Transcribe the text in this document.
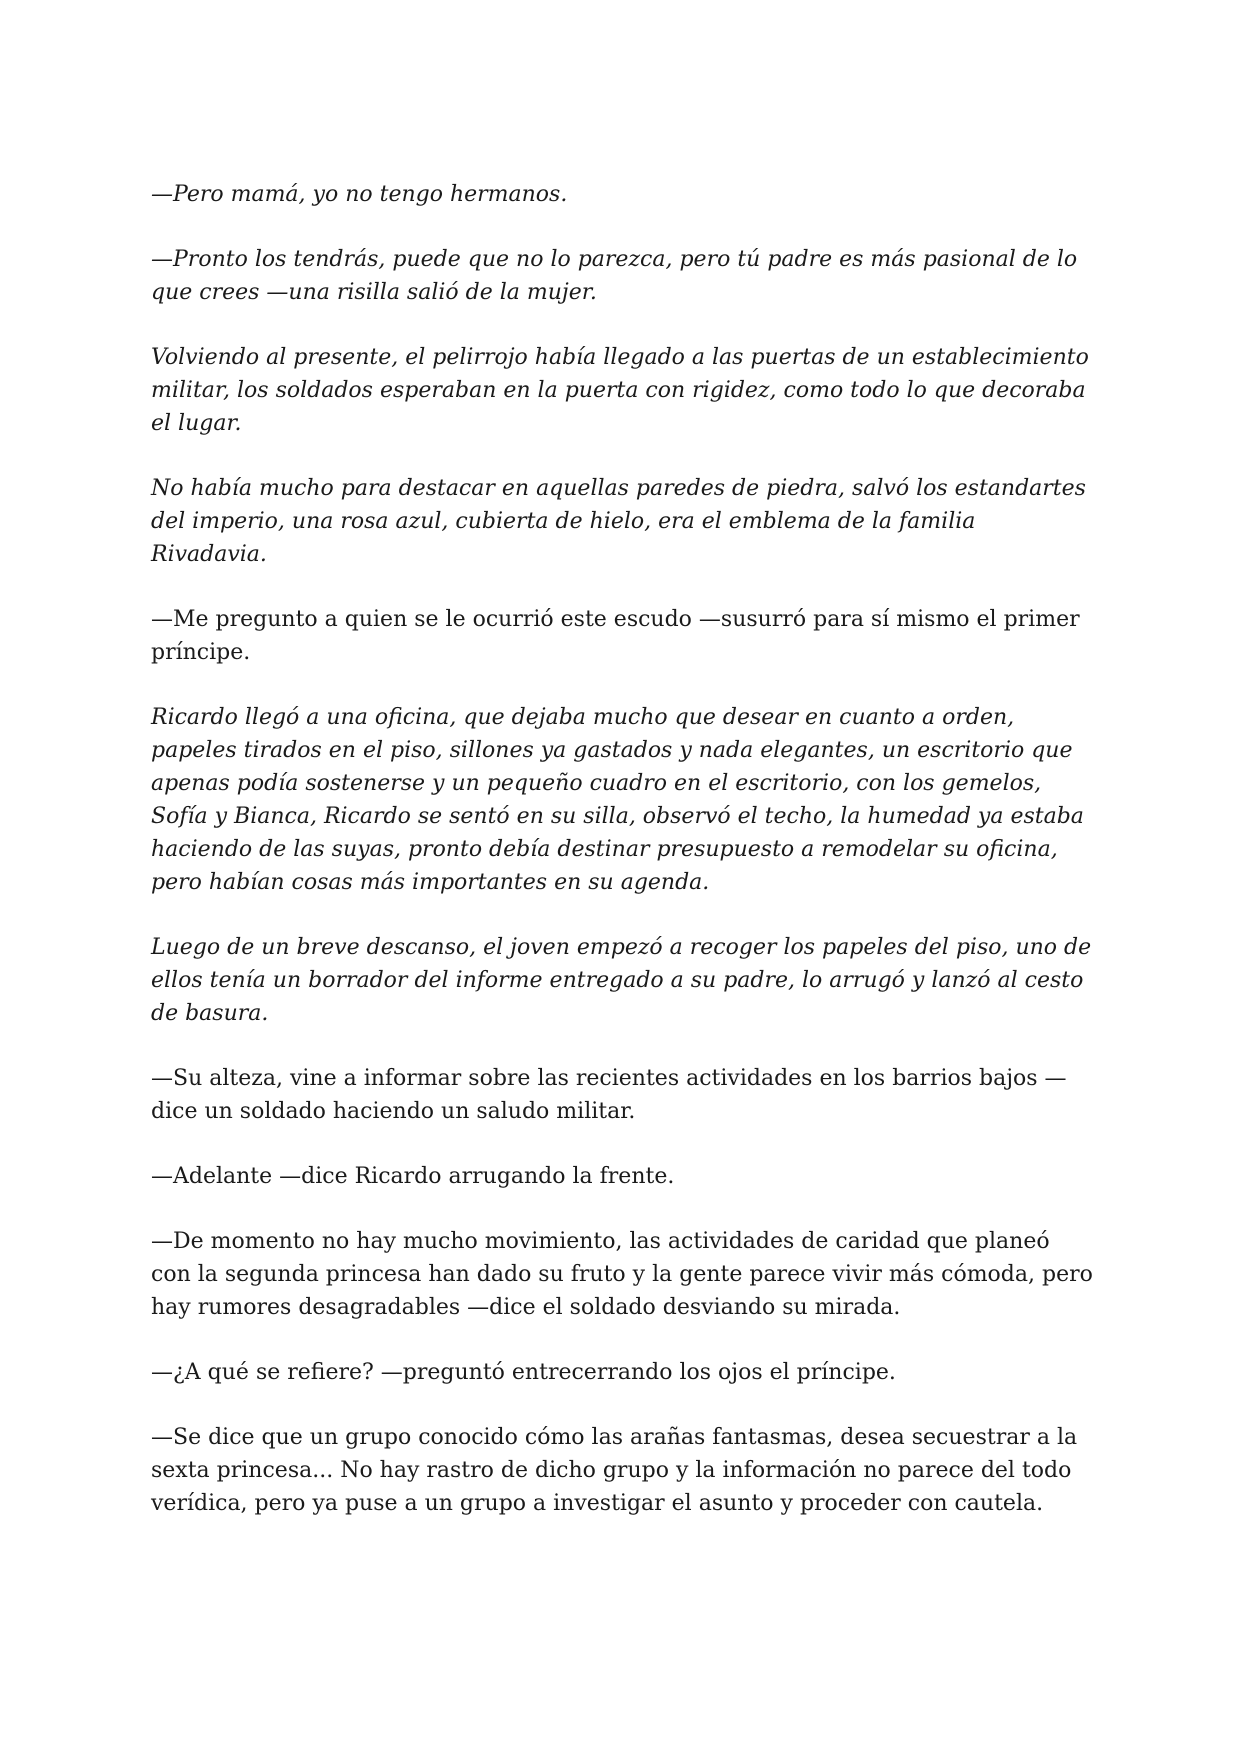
—Pero mamá, yo no tengo hermanos.

—Pronto los tendrás, puede que no lo parezca, pero tú padre es más pasional de lo que crees —una risilla salió de la mujer.

Volviendo al presente, el pelirrojo había llegado a las puertas de un establecimiento militar, los soldados esperaban en la puerta con rigidez, como todo lo que decoraba el lugar.

No había mucho para destacar en aquellas paredes de piedra, salvó los estandartes del imperio, una rosa azul, cubierta de hielo, era el emblema de la familia Rivadavia.

—Me pregunto a quien se le ocurrió este escudo —susurró para sí mismo el primer príncipe.

Ricardo llegó a una oficina, que dejaba mucho que desear en cuanto a orden, papeles tirados en el piso, sillones ya gastados y nada elegantes, un escritorio que apenas podía sostenerse y un pequeño cuadro en el escritorio, con los gemelos, Sofía y Bianca, Ricardo se sentó en su silla, observó el techo, la humedad ya estaba haciendo de las suyas, pronto debía destinar presupuesto a remodelar su oficina, pero habían cosas más importantes en su agenda.

Luego de un breve descanso, el joven empezó a recoger los papeles del piso, uno de ellos tenía un borrador del informe entregado a su padre, lo arrugó y lanzó al cesto de basura.

—Su alteza, vine a informar sobre las recientes actividades en los barrios bajos —dice un soldado haciendo un saludo militar.

—Adelante —dice Ricardo arrugando la frente.

—De momento no hay mucho movimiento, las actividades de caridad que planeó con la segunda princesa han dado su fruto y la gente parece vivir más cómoda, pero hay rumores desagradables —dice el soldado desviando su mirada.

—¿A qué se refiere? —preguntó entrecerrando los ojos el príncipe.

—Se dice que un grupo conocido cómo las arañas fantasmas, desea secuestrar a la sexta princesa... No hay rastro de dicho grupo y la información no parece del todo verídica, pero ya puse a un grupo a investigar el asunto y proceder con cautela.
